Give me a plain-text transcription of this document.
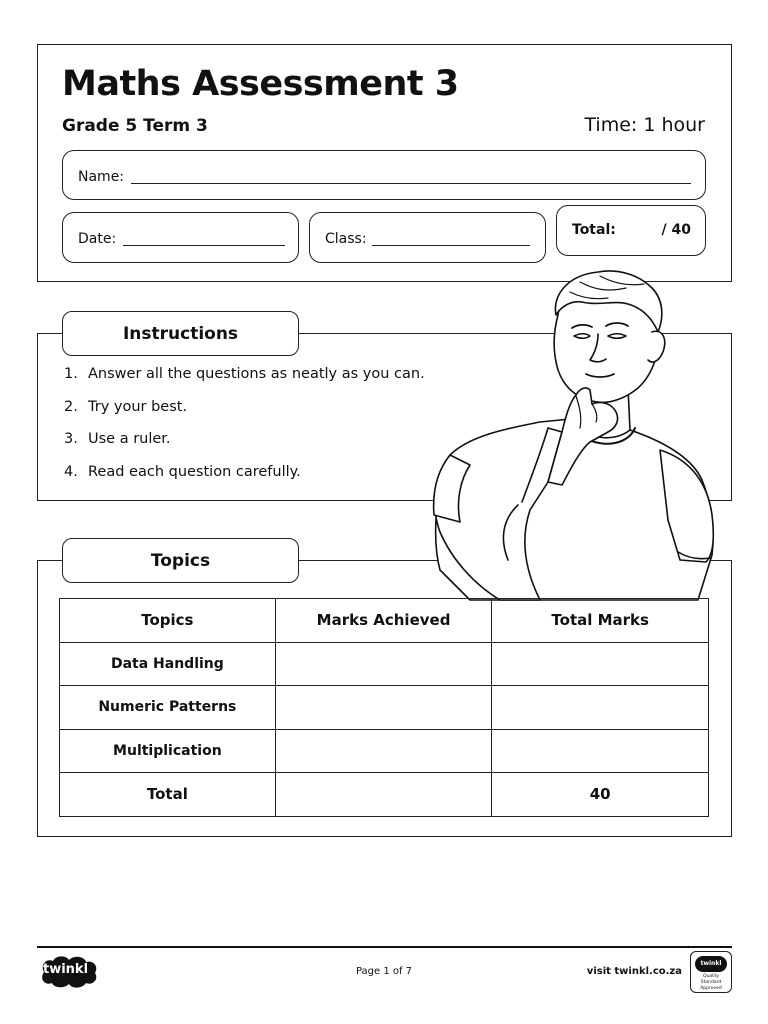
Maths Assessment 3
Grade 5 Term 3	Time: 1 hour
Name:
Date:	Class:
Total:	/ 40
Instructions
1. Answer all the questions as neatly as you can.
2. Try your best.
3. Use a ruler.
4. Read each question carefully.
Topics
Topics	Marks Achieved	Total Marks
Data Handling		
Numeric Patterns		
Multiplication		
Total		40
twinkl	Page 1 of 7	visit twinkl.co.za
twinkl
Quality Standard Approved
